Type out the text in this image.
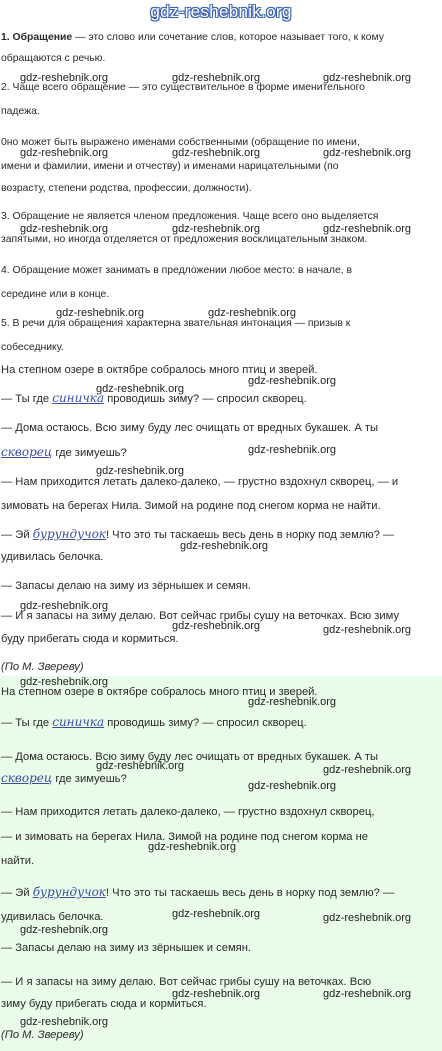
gdz-reshebnik.org
1. Обращение — это слово или сочетание слов, которое называет того, к кому
обращаются с речью.
2. Чаще всего обращение — это существительное в форме именительного
падежа.
0но может быть выражено именами собственными (обращение по имени,
имени и фамилии, имени и отчеству) и именами нарицательными (по
возрасту, степени родства, профессии, должности).
3. Обращение не является членом предложения. Чаще всего оно выделяется
запятыми, но иногда отделяется от предложения восклицательным знаком.
4. Обращение может занимать в предложении любое место: в начале, в
середине или в конце.
5. В речи для обращения характерна звательная интонация — призыв к
собеседнику.
На степном озере в октябре собралось много птиц и зверей.
— Ты где синичка проводишь зиму? — спросил скворец.
— Дома остаюсь. Всю зиму буду лес очищать от вредных букашек. А ты
скворец где зимуешь?
— Нам приходится летать далеко-далеко, — грустно вздохнул скворец, — и
зимовать на берегах Нила. Зимой на родине под снегом корма не найти.
— Эй бурундучок! Что это ты таскаешь весь день в норку под землю? —
удивилась белочка.
— Запасы делаю на зиму из зёрнышек и семян.
— И я запасы на зиму делаю. Вот сейчас грибы сушу на веточках. Всю зиму
буду прибегать сюда и кормиться.
(По М. Звереву)
На степном озере в октябре собралось много птиц и зверей.
— Ты где синичка проводишь зиму? — спросил скворец.
— Дома остаюсь. Всю зиму буду лес очищать от вредных букашек. А ты
скворец где зимуешь?
— Нам приходится летать далеко-далеко, — грустно вздохнул скворец,
— и зимовать на берегах Нила. Зимой на родине под снегом корма не
найти.
— Эй бурундучок! Что это ты таскаешь весь день в норку под землю? —
удивилась белочка.
— Запасы делаю на зиму из зёрнышек и семян.
— И я запасы на зиму делаю. Вот сейчас грибы сушу на веточках. Всю
зиму буду прибегать сюда и кормиться.
(По М. Звереву)
gdz-reshebnik.org	gdz-reshebnik.org	gdz-reshebnik.org
gdz-reshebnik.org	gdz-reshebnik.org	gdz-reshebnik.org
gdz-reshebnik.org	gdz-reshebnik.org	gdz-reshebnik.org
gdz-reshebnik.org	gdz-reshebnik.org
gdz-reshebnik.org
gdz-reshebnik.org
gdz-reshebnik.org
gdz-reshebnik.org
gdz-reshebnik.org
gdz-reshebnik.org
gdz-reshebnik.org	gdz-reshebnik.org
gdz-reshebnik.org
gdz-reshebnik.org
gdz-reshebnik.org	gdz-reshebnik.org
gdz-reshebnik.org
gdz-reshebnik.org
gdz-reshebnik.org	gdz-reshebnik.org
gdz-reshebnik.org
gdz-reshebnik.org	gdz-reshebnik.org
gdz-reshebnik.org
